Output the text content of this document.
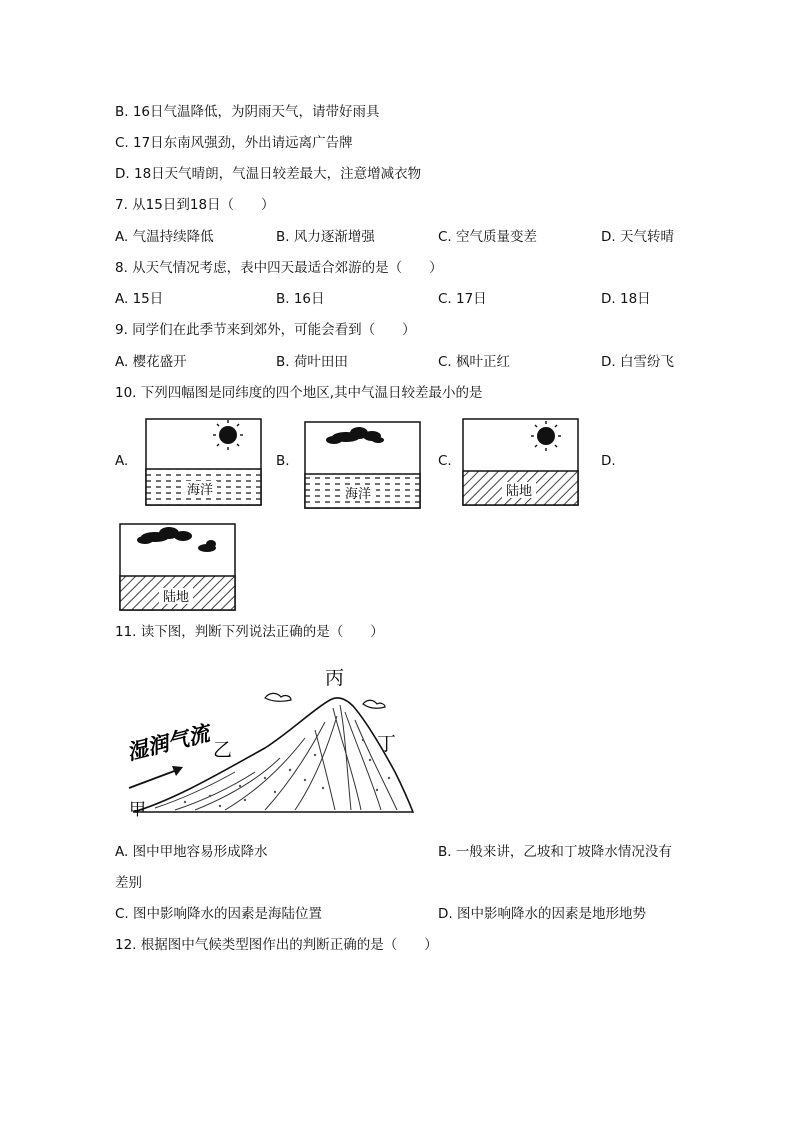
B. 16日气温降低，为阴雨天气，请带好雨具
C. 17日东南风强劲，外出请远离广告牌
D. 18日天气晴朗，气温日较差最大，注意增减衣物
7. 从15日到18日（　　）
A. 气温持续降低	B. 风力逐渐增强	C. 空气质量变差	D. 天气转晴
8. 从天气情况考虑，表中四天最适合郊游的是（　　）
A. 15日	B. 16日	C. 17日	D. 18日
9. 同学们在此季节来到郊外，可能会看到（　　）
A. 樱花盛开	B. 荷叶田田	C. 枫叶正红	D. 白雪纷飞
10. 下列四幅图是同纬度的四个地区,其中气温日较差最小的是
A.	B.	C.	D.
海洋	海洋	陆地
陆地
11. 读下图，判断下列说法正确的是（　　）
湿润气流
甲
乙
丙
丁
A. 图中甲地容易形成降水	B. 一般来讲，乙坡和丁坡降水情况没有
差别
C. 图中影响降水的因素是海陆位置	D. 图中影响降水的因素是地形地势
12. 根据图中气候类型图作出的判断正确的是（　　）
